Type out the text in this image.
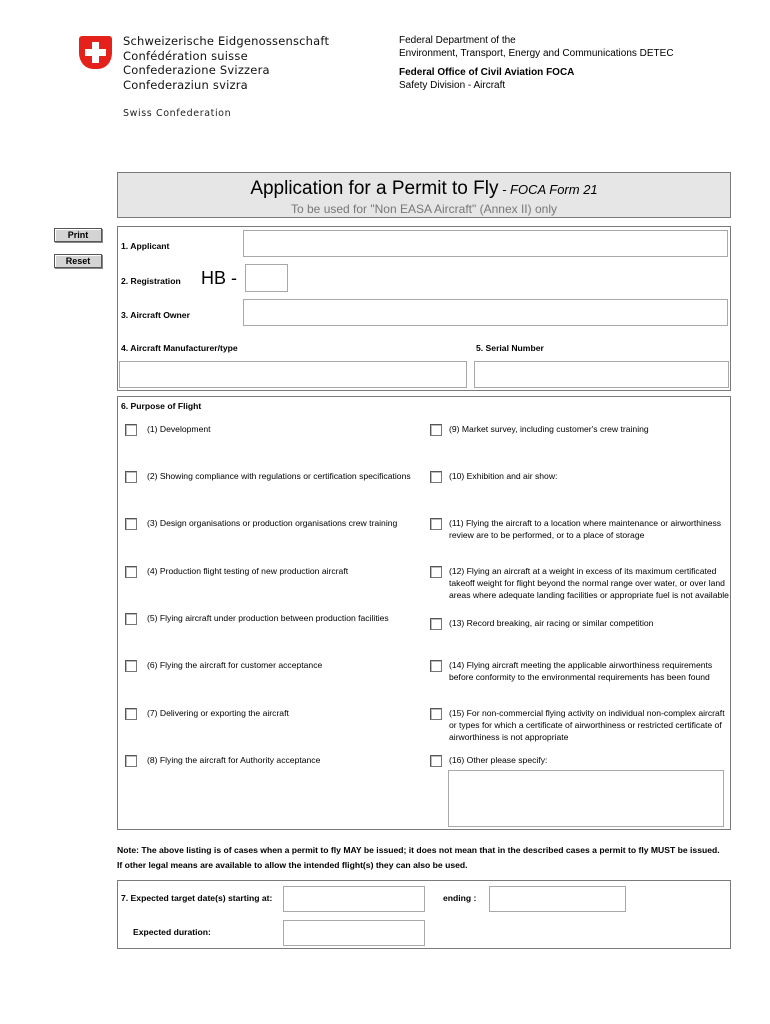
Schweizerische Eidgenossenschaft
Confédération suisse
Confederazione Svizzera
Confederaziun svizra
Swiss Confederation
Federal Department of the
Environment, Transport, Energy and Communications DETEC
Federal Office of Civil Aviation FOCA
Safety Division - Aircraft
Application for a Permit to Fly - FOCA Form 21
To be used for "Non EASA Aircraft" (Annex II) only
Print
Reset
1. Applicant
2. Registration HB -
3. Aircraft Owner
4. Aircraft Manufacturer/type	5. Serial Number
6. Purpose of Flight
(1) Development
(2) Showing compliance with regulations or certification specifications
(3) Design organisations or production organisations crew training
(4) Production flight testing of new production aircraft
(5) Flying aircraft under production between production facilities
(6) Flying the aircraft for customer acceptance
(7) Delivering or exporting the aircraft
(8) Flying the aircraft for Authority acceptance
(9) Market survey, including customer's crew training
(10) Exhibition and air show:
(11) Flying the aircraft to a location where maintenance or airworthiness review are to be performed, or to a place of storage
(12) Flying an aircraft at a weight in excess of its maximum certificated takeoff weight for flight beyond the normal range over water, or over land areas where adequate landing facilities or appropriate fuel is not available
(13) Record breaking, air racing or similar competition
(14) Flying aircraft meeting the applicable airworthiness requirements before conformity to the environmental requirements has been found
(15) For non-commercial flying activity on individual non-complex aircraft or types for which a certificate of airworthiness or restricted certificate of airworthiness is not appropriate
(16) Other please specify:
Note: The above listing is of cases when a permit to fly MAY be issued; it does not mean that in the described cases a permit to fly MUST be issued.
If other legal means are available to allow the intended flight(s) they can also be used.
7. Expected target date(s) starting at:	ending :
Expected duration:
